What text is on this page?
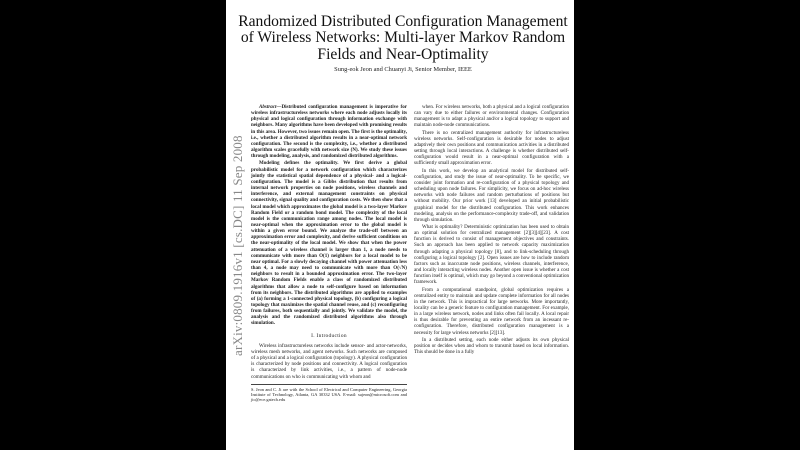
Randomized Distributed Configuration Management of Wireless Networks: Multi-layer Markov Random Fields and Near-Optimality
Sung-eok Jeon and Chuanyi Ji, Senior Member, IEEE
arXiv:0809.1916v1 [cs.DC] 11 Sep 2008

Abstract—Distributed configuration management is imperative for wireless infrastructureless networks where each node adjusts locally its physical and logical configuration through information exchange with neighbors. Many algorithms have been developed with promising results in this area. However, two issues remain open. The first is the optimality, i.e., whether a distributed algorithm results in a near-optimal network configuration. The second is the complexity, i.e., whether a distributed algorithm scales gracefully with network size (N). We study these issues through modeling, analysis, and randomized distributed algorithms.

Modeling defines the optimality. We first derive a global probabilistic model for a network configuration which characterizes jointly the statistical spatial dependence of a physical- and a logical-configuration. The model is a Gibbs distribution that results from internal network properties on node positions, wireless channels and interference, and external management constraints on physical connectivity, signal quality and configuration costs. We then show that a local model which approximates the global model is a two-layer Markov Random Field or a random bond model. The complexity of the local model is the communication range among nodes. The local model is near-optimal when the approximation error to the global model is within a given error bound. We analyze the trade-off between an approximation error and complexity, and derive sufficient conditions on the near-optimality of the local model. We show that when the power attenuation of a wireless channel is larger than 1, a node needs to communicate with more than O(1) neighbors for a local model to be near optimal. For a slowly decaying channel with power attenuation less than 4, a node may need to communicate with more than O(√N) neighbors to result in a bounded approximation error. The two-layer Markov Random Fields enable a class of randomized distributed algorithms that allow a node to self-configure based on information from its neighbors. The distributed algorithms are applied to examples of (a) forming a 1-connected physical topology, (b) configuring a logical topology that maximizes the spatial channel reuse, and (c) reconfiguring from failures, both sequentially and jointly. We validate the model, the analysis and the randomized distributed algorithms also through simulation.

I. Introduction

Wireless infrastructureless networks include sensor- and actor-networks, wireless mesh networks, and agent networks. Such networks are composed of a physical and a logical configuration (topology). A physical configuration is characterized by node positions and connectivity. A logical configuration is characterized by link activities, i.e., a pattern of node-node communications on who is communicating with whom and

S. Jeon and C. Ji are with the School of Electrical and Computer Engineering, Georgia Institute of Technology, Atlanta, GA 30332 USA. E-mail: sujeon@microsoft.com and jic@ece.gatech.edu

when. For wireless networks, both a physical and a logical configuration can vary due to either failures or environmental changes. Configuration management is to adapt a physical and/or a logical topology to support and maintain node-node communications.

There is no centralized management authority for infrastructureless wireless networks. Self-configuration is desirable for nodes to adjust adaptively their own positions and communication activities in a distributed setting through local interactions. A challenge is whether distributed self-configuration would result in a near-optimal configuration with a sufficiently small approximation error.

In this work, we develop an analytical model for distributed self-configuration, and study the issue of near-optimality. To be specific, we consider joint formation and re-configuration of a physical topology and scheduling upon node failures. For simplicity, we focus on ad-hoc wireless networks with node failures and random perturbations of positions but without mobility. Our prior work [13] developed an initial probabilistic graphical model for the distributed configuration. This work enhances modeling, analysis on the performance-complexity trade-off, and validation through simulation.

What is optimality? Deterministic optimization has been used to obtain an optimal solution for centralized management [2][3][4][23]. A cost function is derived to consist of management objectives and constraints. Such an approach has been applied to network capacity maximization through adapting a physical topology [8], and to link-scheduling through configuring a logical topology [2]. Open issues are how to include random factors such as inaccurate node positions, wireless channels, interference, and locally interacting wireless nodes. Another open issue is whether a cost function itself is optimal, which may go beyond a conventional optimization framework.

From a computational standpoint, global optimization requires a centralized entity to maintain and update complete information for all nodes in the network. This is impractical for large networks. More importantly, locality can be a generic feature to configuration management. For example, in a large wireless network, nodes and links often fail locally. A local repair is thus desirable for preventing an entire network from an incessant re-configuration. Therefore, distributed configuration management is a necessity for large wireless networks [2][13].

In a distributed setting, each node either adjusts its own physical position or decides when and whom to transmit based on local information. This should be done in a fully
